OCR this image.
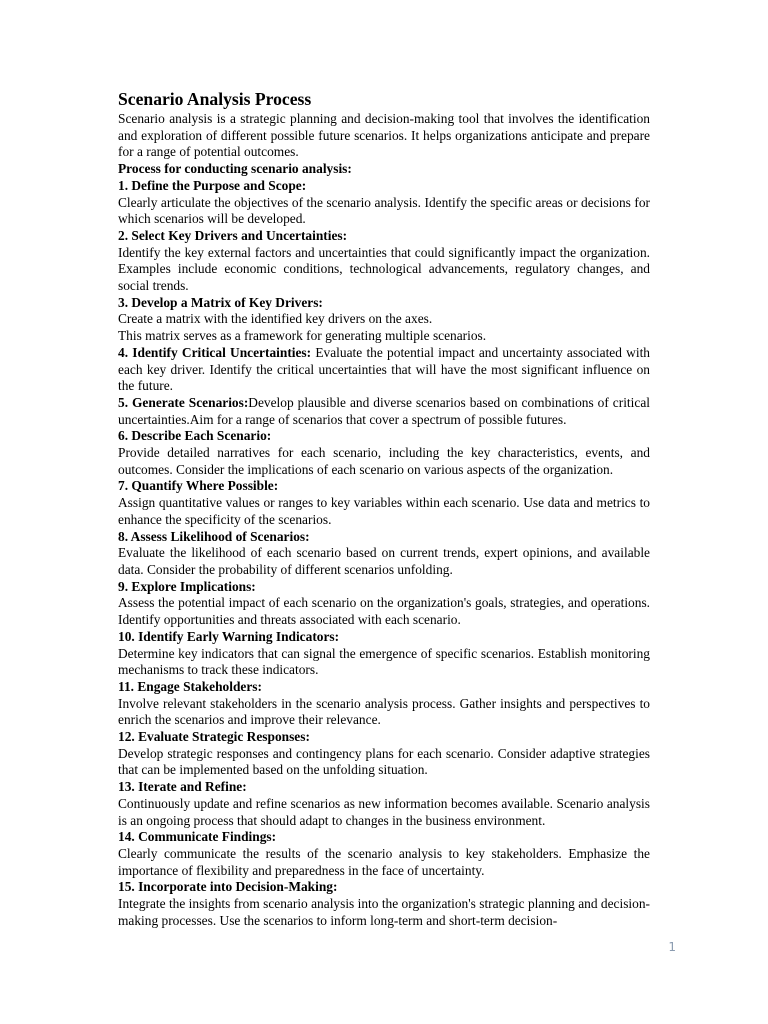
Scenario Analysis Process

Scenario analysis is a strategic planning and decision-making tool that involves the identification and exploration of different possible future scenarios. It helps organizations anticipate and prepare for a range of potential outcomes.

Process for conducting scenario analysis:
1. Define the Purpose and Scope:

Clearly articulate the objectives of the scenario analysis. Identify the specific areas or decisions for which scenarios will be developed.

2. Select Key Drivers and Uncertainties:

Identify the key external factors and uncertainties that could significantly impact the organization. Examples include economic conditions, technological advancements, regulatory changes, and social trends.

3. Develop a Matrix of Key Drivers:

Create a matrix with the identified key drivers on the axes.

This matrix serves as a framework for generating multiple scenarios.

4. Identify Critical Uncertainties: Evaluate the potential impact and uncertainty associated with each key driver. Identify the critical uncertainties that will have the most significant influence on the future.

5. Generate Scenarios:Develop plausible and diverse scenarios based on combinations of critical uncertainties.Aim for a range of scenarios that cover a spectrum of possible futures.

6. Describe Each Scenario:

Provide detailed narratives for each scenario, including the key characteristics, events, and outcomes. Consider the implications of each scenario on various aspects of the organization.

7. Quantify Where Possible:

Assign quantitative values or ranges to key variables within each scenario. Use data and metrics to enhance the specificity of the scenarios.

8. Assess Likelihood of Scenarios:

Evaluate the likelihood of each scenario based on current trends, expert opinions, and available data. Consider the probability of different scenarios unfolding.

9. Explore Implications:

Assess the potential impact of each scenario on the organization's goals, strategies, and operations. Identify opportunities and threats associated with each scenario.

10. Identify Early Warning Indicators:

Determine key indicators that can signal the emergence of specific scenarios. Establish monitoring mechanisms to track these indicators.

11. Engage Stakeholders:

Involve relevant stakeholders in the scenario analysis process. Gather insights and perspectives to enrich the scenarios and improve their relevance.

12. Evaluate Strategic Responses:

Develop strategic responses and contingency plans for each scenario. Consider adaptive strategies that can be implemented based on the unfolding situation.

13. Iterate and Refine:

Continuously update and refine scenarios as new information becomes available. Scenario analysis is an ongoing process that should adapt to changes in the business environment.

14. Communicate Findings:

Clearly communicate the results of the scenario analysis to key stakeholders. Emphasize the importance of flexibility and preparedness in the face of uncertainty.

15. Incorporate into Decision-Making:

Integrate the insights from scenario analysis into the organization's strategic planning and decision-making processes. Use the scenarios to inform long-term and short-term decision-

1
